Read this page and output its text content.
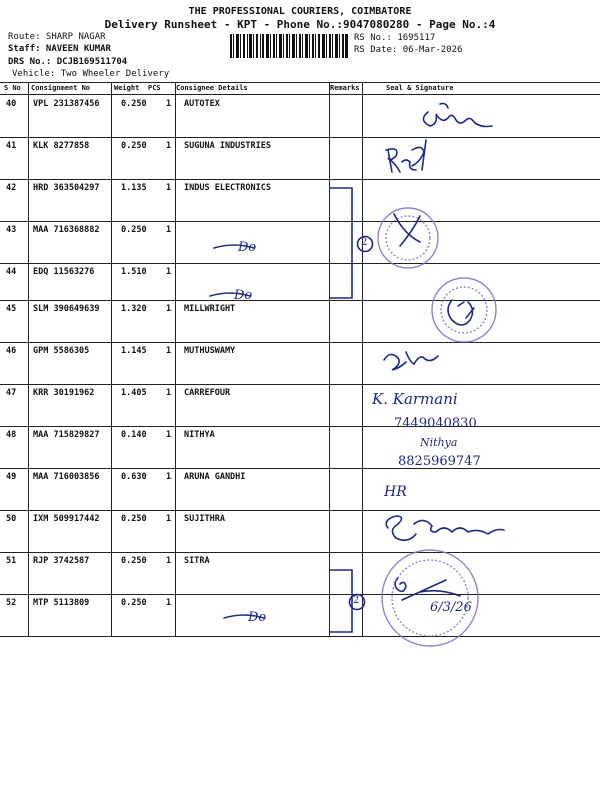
THE PROFESSIONAL COURIERS, COIMBATORE
Delivery Runsheet - KPT - Phone No.:9047080280 - Page No.:4
Route: SHARP NAGAR
Staff: NAVEEN KUMAR
DRS No.: DCJB169511704
Vehicle: Two Wheeler Delivery
RS No.: 1695117
RS Date: 06-Mar-2026
S No Consignment No	Weight PCS Consignee Details	Remarks	Seal & Signature
40 VPL 231387456	0.250 1 AUTOTEX
41 KLK 8277858	0.250 1 SUGUNA INDUSTRIES
42 HRD 363504297	1.135 1 INDUS ELECTRONICS
43 MAA 716368882	0.250 1
44 EDQ 11563276	1.510 1
45 SLM 390649639	1.320 1 MILLWRIGHT
46 GPM 5586305	1.145 1 MUTHUSWAMY
47 KRR 30191962	1.405 1 CARREFOUR
48 MAA 715829827	0.140 1 NITHYA
49 MAA 716003856	0.630 1 ARUNA GANDHI
50 IXM 509917442	0.250 1 SUJITHRA
51 RJP 3742587	0.250 1 SITRA
52 MTP 5113809	0.250 1
Do
Do
Do
2
2
K. Karmani
7449040830
Nithya
8825969747
HR
6/3/26
